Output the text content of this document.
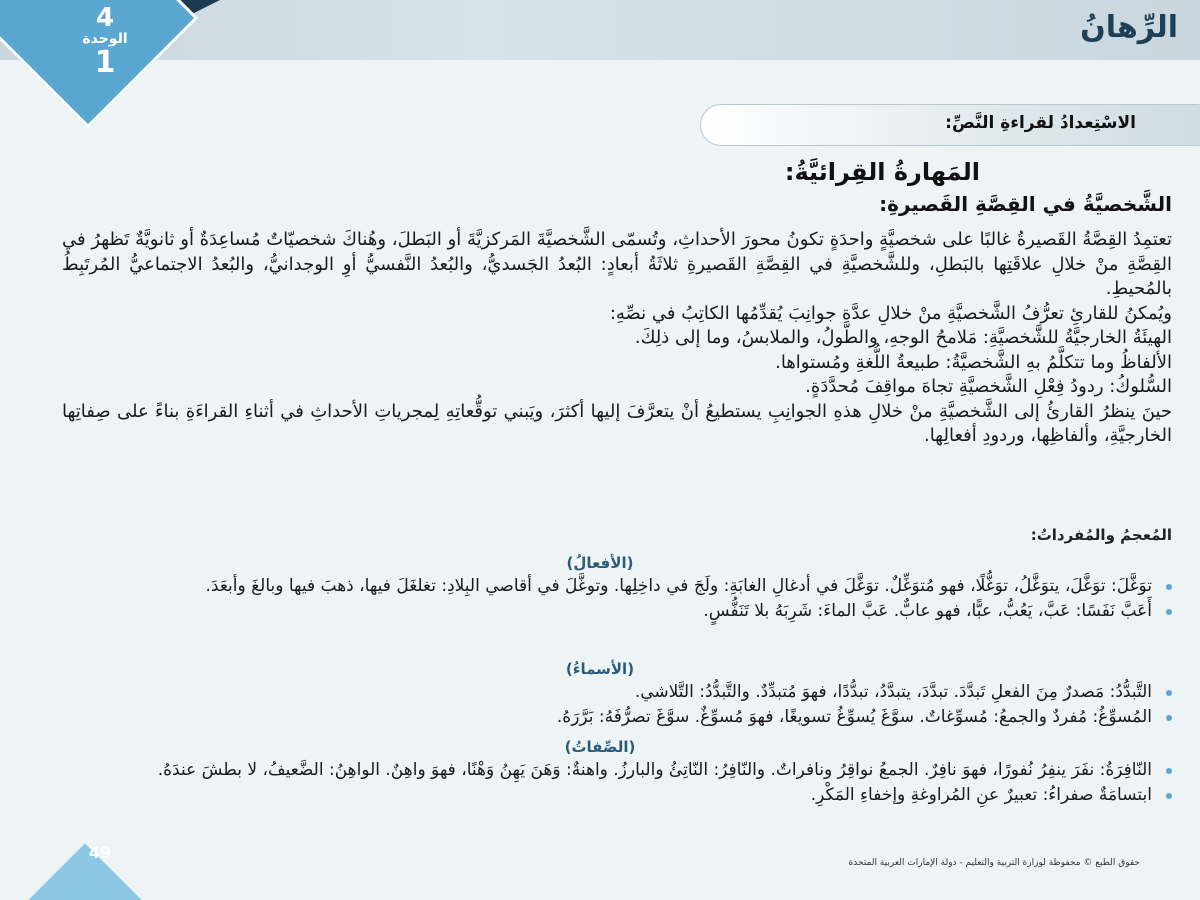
الرِّهانُ
4
الوحدة
1
الاسْتِعدادُ لقراءةِ النَّصِّ:
المَهارةُ القِرائيَّةُ:
الشَّخصيَّةُ في القِصَّةِ القَصيرةِ:

تعتمِدُ القِصَّةُ القَصيرةُ غالبًا على شخصيَّةٍ واحدَةٍ تكونُ محورَ الأحداثِ، وتُسمّى الشَّخصيَّةَ المَركزيَّةَ أو البَطلَ، وهُناكَ شخصيّاتٌ مُساعِدَةٌ أو ثانويَّةٌ تَظهرُ في القِصَّةِ منْ خلالِ علاقَتِها بالبَطلِ، وللشَّخصيَّةِ في القِصَّةِ القَصيرةِ ثلاثَةُ أبعادٍ: البُعدُ الجَسديُّ، والبُعدُ النَّفسيُّ أوِ الوجدانيُّ، والبُعدُ الاجتماعيُّ المُرتَبِطُ بالمُحيطِ.

ويُمكنُ للقارئِ تعرُّفُ الشَّخصيَّةِ منْ خلالِ عدَّةِ جوانِبَ يُقدِّمُها الكاتِبُ في نصِّهِ:

الهيئَةُ الخارجيَّةُ للشَّخصيَّةِ: مَلامحُ الوجهِ، والطّولُ، والملابسُ، وما إلى ذلِكَ.

الألفاظُ وما تتكلَّمُ بهِ الشَّخصيَّةُ: طبيعةُ اللُّغةِ ومُستواها.

السُّلوكُ: ردودُ فِعْلِ الشَّخصيَّةِ تجاهَ مواقِفَ مُحدَّدَةٍ.

حينَ ينظرُ القارئُ إلى الشَّخصيَّةِ منْ خلالِ هذهِ الجوانِبِ يستطيعُ أنْ يتعرَّفَ إليها أكثرَ، ويَبني توقُّعاتِهِ لِمجرياتِ الأحداثِ في أثناءِ القراءَةِ بناءً على صِفاتِها الخارجيَّةِ، وألفاظِها، وردودِ أفعالِها.

المُعجمُ والمُفرداتُ:
(الأفعالُ)
توَغَّلَ: توَغَّلَ، يتوَغَّلُ، توَغُّلًا، فهو مُتوَغِّلٌ. توَغَّلَ في أدغالِ الغابَةِ: ولَجَ في داخِلِها. وتوغَّلَ في أقاصي البِلادِ: تغلغَلَ فيها، ذهبَ فيها وبالغَ وأبعَدَ.
أَعَبَّ نَفَسًا: عَبَّ، يَعُبُّ، عبًّا، فهو عابٌّ. عَبَّ الماءَ: شَرِبَهُ بلا تَنَفُّسٍ.
(الأسماءُ)
التَّبدُّدُ: مَصدرٌ مِنَ الفعلِ تَبدَّدَ. تبدَّدَ، يتبدَّدُ، تبدُّدًا، فهوَ مُتبدِّدٌ. والتَّبدُّدُ: التَّلاشي.
المُسوِّغُ: مُفردٌ والجمعُ: مُسوِّغاتٌ. سوَّغَ يُسوِّغُ تسويغًا، فهوَ مُسوِّغٌ. سوَّغَ تصرُّفَهُ: بَرَّرَهُ.
(الصِّفاتُ)
النّافِرَةُ: نفَرَ ينفِرُ نُفورًا، فهوَ نافِرٌ. الجمعُ نواقِرُ ونافراتٌ. والنّافِرُ: النّاتِئُ والبارزُ. واهنةٌ: وَهَنَ يَهِنُ وَهْنًا، فهوَ واهِنٌ. الواهِنُ: الضَّعيفُ، لا بطشَ عندَهُ.
ابتسامَةٌ صفراءُ: تعبيرٌ عنِ المُراوغةِ وإخفاءِ المَكْرِ.
49
حقوق الطبع © محفوظة لوزارة التربية والتعليم - دولة الإمارات العربية المتحدة
